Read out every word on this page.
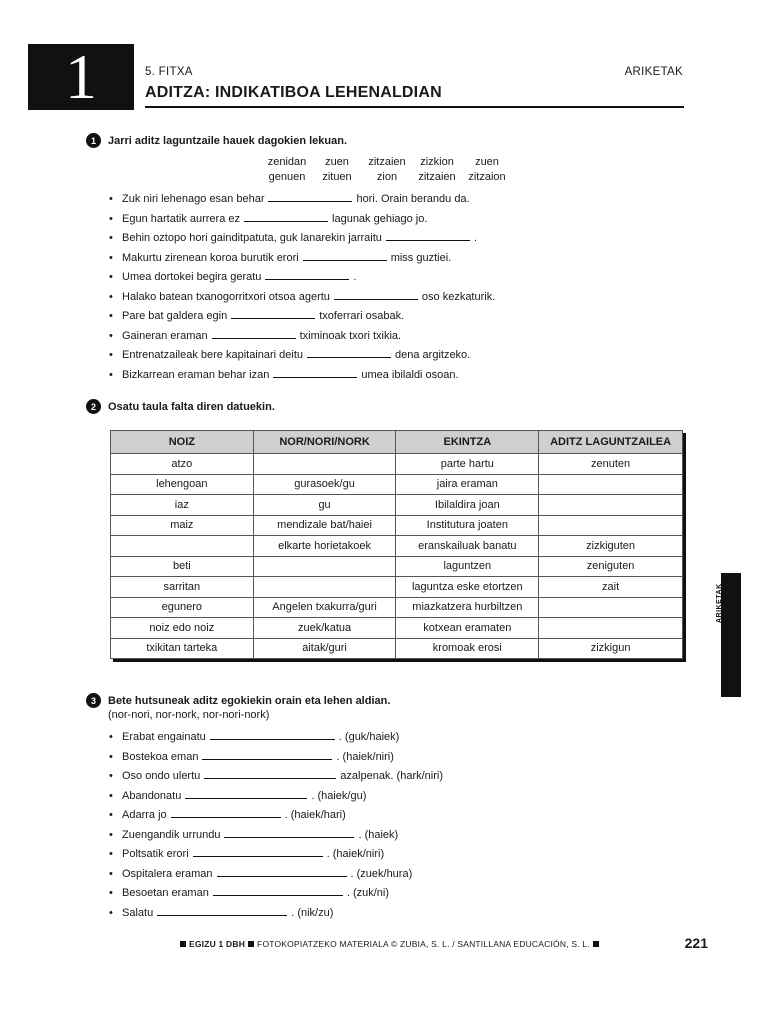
1	5. FITXA	ARIKETAK
ADITZA: INDIKATIBOA LEHENALDIAN
1	Jarri aditz laguntzaile hauek dagokien lekuan.
zenidan	zuen	zitzaien	zizkion	zuen
genuen	zituen	zion	zitzaien	zitzaion
• Zuk niri lehenago esan behar	hori. Orain berandu da.
• Egun hartatik aurrera ez	lagunak gehiago jo.
• Behin oztopo hori gainditpatuta, guk lanarekin jarraitu	.
• Makurtu zirenean koroa burutik erori	miss guztiei.
• Umea dortokei begira geratu	.
• Halako batean txanogorritxori otsoa agertu	oso kezkaturik.
• Pare bat galdera egin	txoferrari osabak.
• Gaineran eraman	tximinoak txori txikia.
• Entrenatzaileak bere kapitainari deitu	dena argitzeko.
• Bizkarrean eraman behar izan	umea ibilaldi osoan.
2	Osatu taula falta diren datuekin.
NOIZ	NOR/NORI/NORK	EKINTZA	ADITZ LAGUNTZAILEA
atzo		parte hartu	zenuten
lehengoan	gurasoek/gu	jaira eraman	
iaz	gu	Ibilaldira joan	
maiz	mendizale bat/haiei	Institutura joaten	
	elkarte horietakoek	eranskailuak banatu	zizkiguten
beti		laguntzen	zeniguten
sarritan		laguntza eske etortzen	zait
egunero	Angelen txakurra/guri	miazkatzera hurbiltzen	
noiz edo noiz	zuek/katua	kotxean eramaten	
txikitan tarteka	aitak/guri	kromoak erosi	zizkigun
ARIKETAK
3	Bete hutsuneak aditz egokiekin orain eta lehen aldian.
(nor-nori, nor-nork, nor-nori-nork)
• Erabat engainatu	. (guk/haiek)
• Bostekoa eman	. (haiek/niri)
• Oso ondo ulertu	azalpenak. (hark/niri)
• Abandonatu	. (haiek/gu)
• Adarra jo	. (haiek/hari)
• Zuengandik urrundu	. (haiek)
• Poltsatik erori	. (haiek/niri)
• Ospitalera eraman	. (zuek/hura)
• Besoetan eraman	. (zuk/ni)
• Salatu	. (nik/zu)
EGIZU 1 DBH FOTOKOPIATZEKO MATERIALA © ZUBIA, S. L. / SANTILLANA EDUCACIÓN, S. L.	221
